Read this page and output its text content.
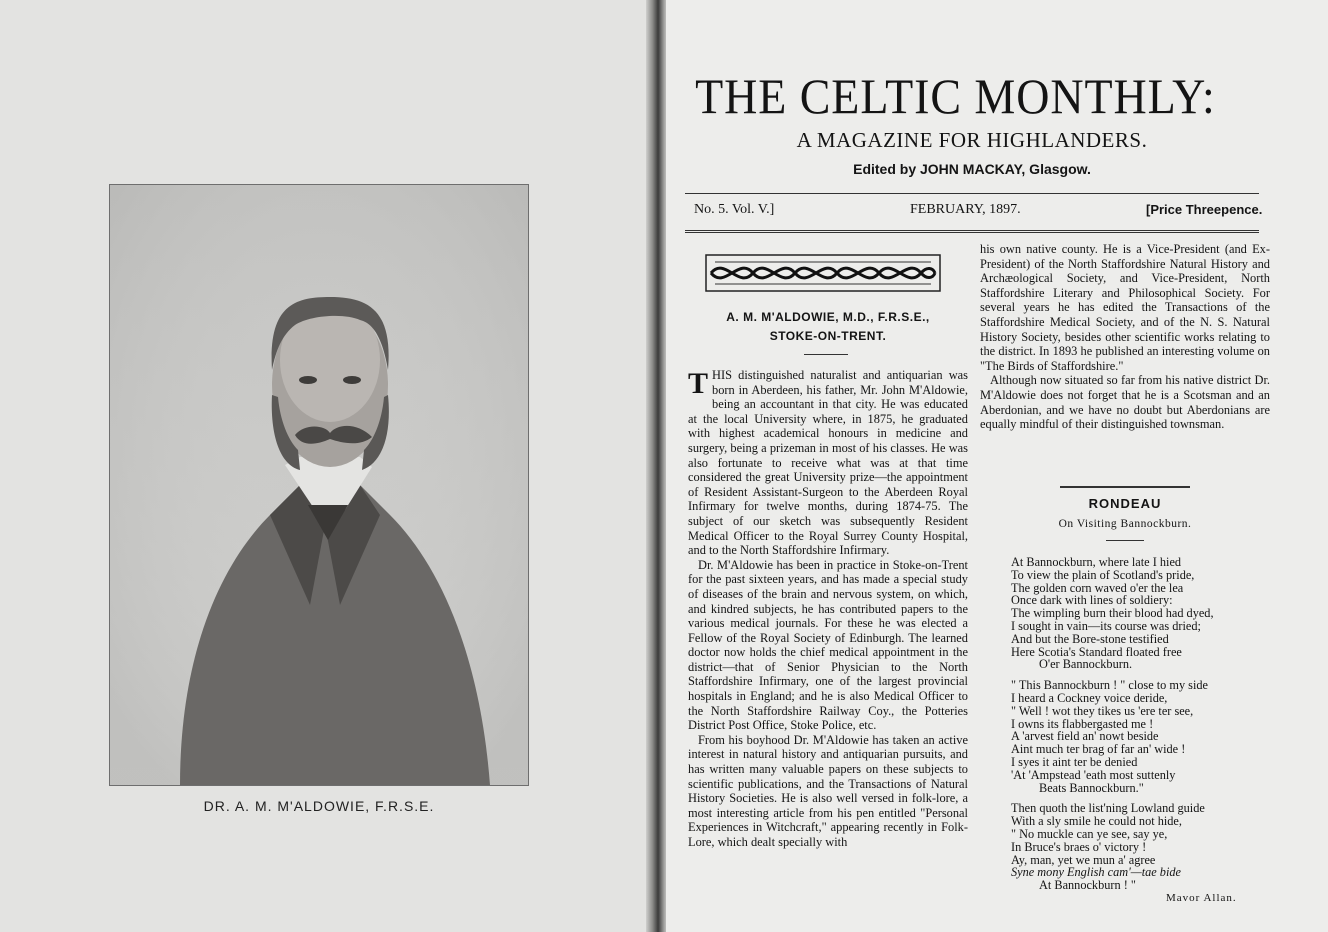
DR. A. M. M'ALDOWIE, F.R.S.E.
THE CELTIC MONTHLY:
A MAGAZINE FOR HIGHLANDERS.
Edited by JOHN MACKAY, Glasgow.
No. 5. Vol. V.]	FEBRUARY, 1897.	[Price Threepence.
A. M. M'ALDOWIE, M.D., F.R.S.E.,
STOKE-ON-TRENT.

THIS distinguished naturalist and antiquarian was born in Aberdeen, his father, Mr. John M'Aldowie, being an accountant in that city. He was educated at the local University where, in 1875, he graduated with highest academical honours in medicine and surgery, being a prizeman in most of his classes. He was also fortunate to receive what was at that time considered the great University prize—the appointment of Resident Assistant-Surgeon to the Aberdeen Royal Infirmary for twelve months, during 1874-75. The subject of our sketch was subsequently Resident Medical Officer to the Royal Surrey County Hospital, and to the North Staffordshire Infirmary.

Dr. M'Aldowie has been in practice in Stoke-on-Trent for the past sixteen years, and has made a special study of diseases of the brain and nervous system, on which, and kindred subjects, he has contributed papers to the various medical journals. For these he was elected a Fellow of the Royal Society of Edinburgh. The learned doctor now holds the chief medical appointment in the district—that of Senior Physician to the North Staffordshire Infirmary, one of the largest provincial hospitals in England; and he is also Medical Officer to the North Staffordshire Railway Coy., the Potteries District Post Office, Stoke Police, etc.

From his boyhood Dr. M'Aldowie has taken an active interest in natural history and antiquarian pursuits, and has written many valuable papers on these subjects to scientific publications, and the Transactions of Natural History Societies. He is also well versed in folk-lore, a most interesting article from his pen entitled "Personal Experiences in Witchcraft," appearing recently in Folk-Lore, which dealt specially with

his own native county. He is a Vice-President (and Ex-President) of the North Staffordshire Natural History and Archæological Society, and Vice-President, North Staffordshire Literary and Philosophical Society. For several years he has edited the Transactions of the Staffordshire Medical Society, and of the N. S. Natural History Society, besides other scientific works relating to the district. In 1893 he published an interesting volume on "The Birds of Staffordshire."

Although now situated so far from his native district Dr. M'Aldowie does not forget that he is a Scotsman and an Aberdonian, and we have no doubt but Aberdonians are equally mindful of their distinguished townsman.

RONDEAU
On Visiting Bannockburn.
At Bannockburn, where late I hied
To view the plain of Scotland's pride,
The golden corn waved o'er the lea
Once dark with lines of soldiery:
The wimpling burn their blood had dyed,
I sought in vain—its course was dried;
And but the Bore-stone testified
Here Scotia's Standard floated free
O'er Bannockburn.
" This Bannockburn ! " close to my side
I heard a Cockney voice deride,
" Well ! wot they tikes us 'ere ter see,
I owns its flabbergasted me !
A 'arvest field an' nowt beside
Aint much ter brag of far an' wide !
I syes it aint ter be denied
'At 'Ampstead 'eath most suttenly
Beats Bannockburn."
Then quoth the list'ning Lowland guide
With a sly smile he could not hide,
" No muckle can ye see, say ye,
In Bruce's braes o' victory !
Ay, man, yet we mun a' agree
Syne mony English cam'—tae bide
At Bannockburn ! "
Mavor Allan.
